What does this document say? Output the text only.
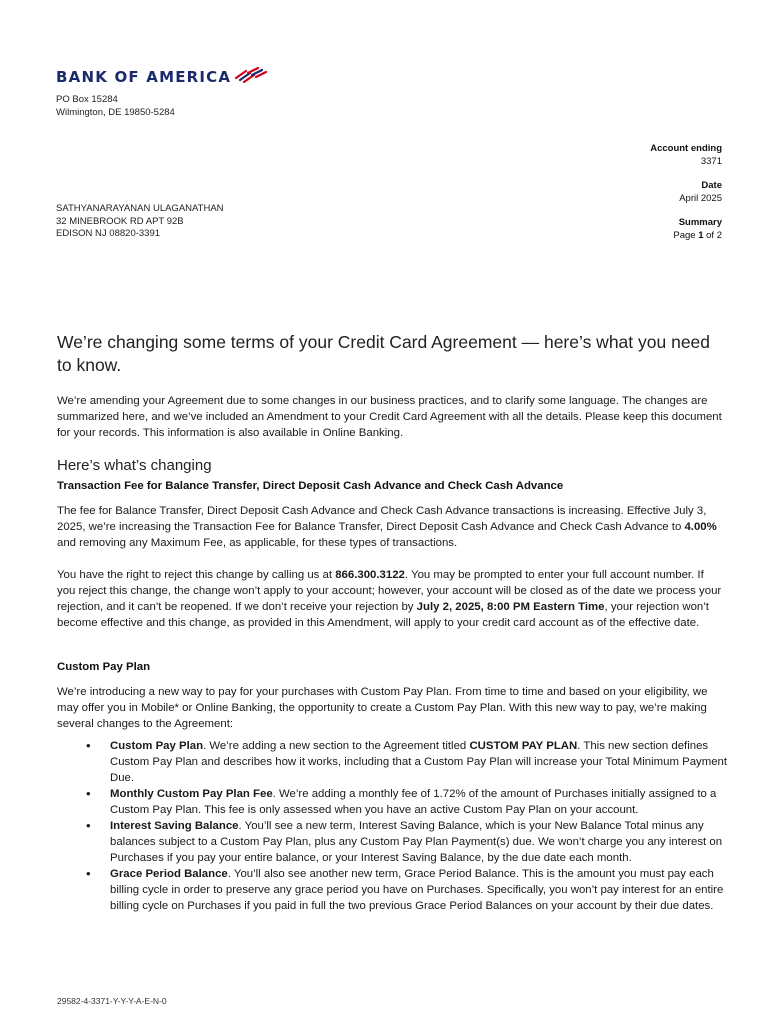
BANK OF AMERICA
PO Box 15284
Wilmington, DE 19850-5284
Account ending
3371
Date
April 2025
Summary
Page 1 of 2
SATHYANARAYANAN ULAGANATHAN
32 MINEBROOK RD APT 92B
EDISON NJ 08820-3391
We’re changing some terms of your Credit Card Agreement — here’s what you need to know.
We’re amending your Agreement due to some changes in our business practices, and to clarify some language. The changes are summarized here, and we’ve included an Amendment to your Credit Card Agreement with all the details. Please keep this document for your records. This information is also available in Online Banking.
Here’s what’s changing
Transaction Fee for Balance Transfer, Direct Deposit Cash Advance and Check Cash Advance
The fee for Balance Transfer, Direct Deposit Cash Advance and Check Cash Advance transactions is increasing. Effective July 3, 2025, we’re increasing the Transaction Fee for Balance Transfer, Direct Deposit Cash Advance and Check Cash Advance to 4.00% and removing any Maximum Fee, as applicable, for these types of transactions.
You have the right to reject this change by calling us at 866.300.3122. You may be prompted to enter your full account number. If you reject this change, the change won’t apply to your account; however, your account will be closed as of the date we process your rejection, and it can’t be reopened. If we don’t receive your rejection by July 2, 2025, 8:00 PM Eastern Time, your rejection won’t become effective and this change, as provided in this Amendment, will apply to your credit card account as of the effective date.
Custom Pay Plan
We’re introducing a new way to pay for your purchases with Custom Pay Plan. From time to time and based on your eligibility, we may offer you in Mobile* or Online Banking, the opportunity to create a Custom Pay Plan. With this new way to pay, we’re making several changes to the Agreement:
• Custom Pay Plan. We’re adding a new section to the Agreement titled CUSTOM PAY PLAN. This new section defines Custom Pay Plan and describes how it works, including that a Custom Pay Plan will increase your Total Minimum Payment Due.
• Monthly Custom Pay Plan Fee. We’re adding a monthly fee of 1.72% of the amount of Purchases initially assigned to a Custom Pay Plan. This fee is only assessed when you have an active Custom Pay Plan on your account.
• Interest Saving Balance. You’ll see a new term, Interest Saving Balance, which is your New Balance Total minus any balances subject to a Custom Pay Plan, plus any Custom Pay Plan Payment(s) due. We won’t charge you any interest on Purchases if you pay your entire balance, or your Interest Saving Balance, by the due date each month.
• Grace Period Balance. You’ll also see another new term, Grace Period Balance. This is the amount you must pay each billing cycle in order to preserve any grace period you have on Purchases. Specifically, you won’t pay interest for an entire billing cycle on Purchases if you paid in full the two previous Grace Period Balances on your account by their due dates.
29582-4-3371-Y-Y-Y-A-E-N-0
